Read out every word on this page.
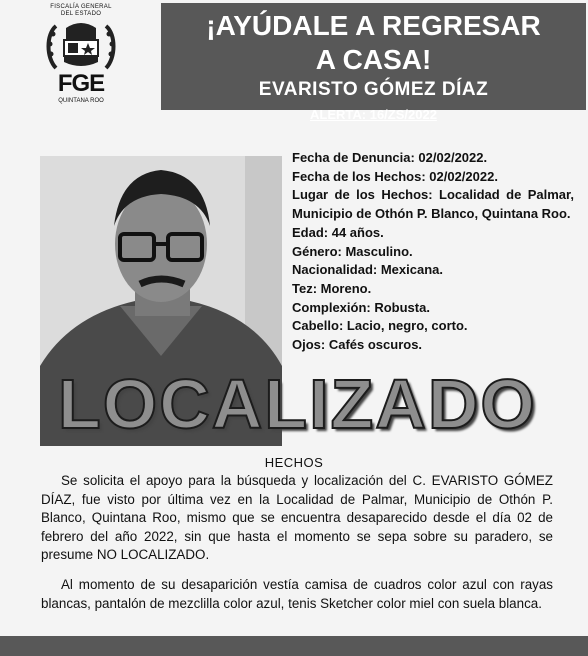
FISCALÍA GENERAL
DEL ESTADO
FGE
QUINTANA ROO
¡AYÚDALE A REGRESAR
A CASA!
EVARISTO GÓMEZ DÍAZ
ALERTA: 16/ZS/2022
Fecha de Denuncia: 02/02/2022.
Fecha de los Hechos: 02/02/2022.
Lugar de los Hechos: Localidad de Palmar, Municipio de Othón P. Blanco, Quintana Roo.
Edad: 44 años.
Género: Masculino.
Nacionalidad: Mexicana.
Tez: Moreno.
Complexión: Robusta.
Cabello: Lacio, negro, corto.
Ojos: Cafés oscuros.
LOCALIZADO
HECHOS
Se solicita el apoyo para la búsqueda y localización del C. EVARISTO GÓMEZ DÍAZ, fue visto por última vez en la Localidad de Palmar, Municipio de Othón P. Blanco, Quintana Roo, mismo que se encuentra desaparecido desde el día 02 de febrero del año 2022, sin que hasta el momento se sepa sobre su paradero, se presume NO LOCALIZADO.
Al momento de su desaparición vestía camisa de cuadros color azul con rayas blancas, pantalón de mezclilla color azul, tenis Sketcher color miel con suela blanca.
